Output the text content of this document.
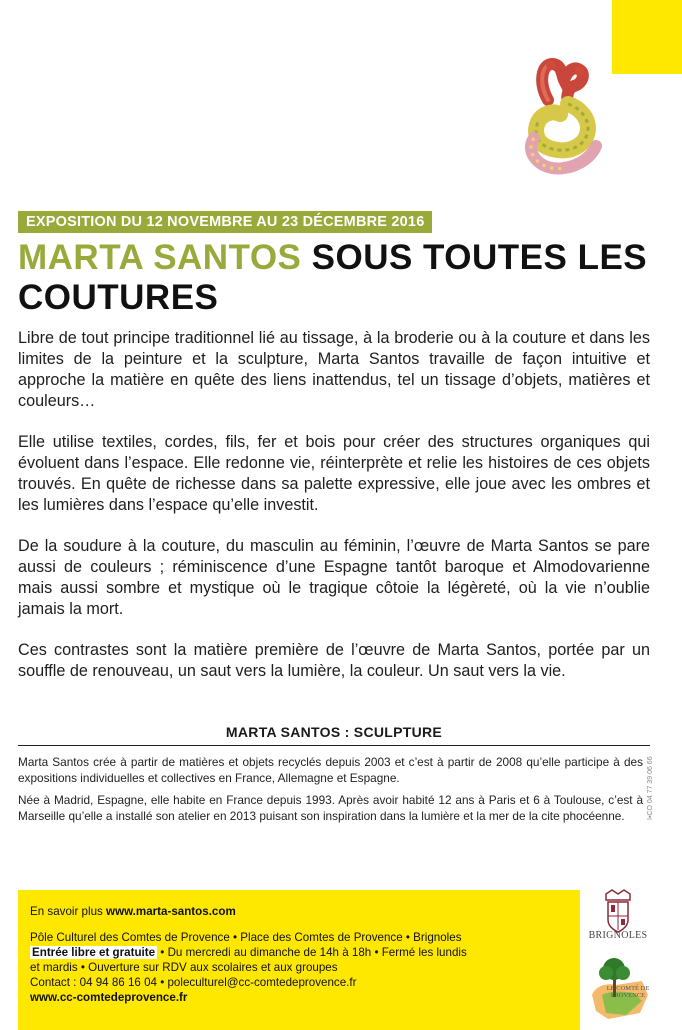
EXPOSITION DU 12 NOVEMBRE AU 23 DÉCEMBRE 2016
MARTA SANTOS SOUS TOUTES LES COUTURES

Libre de tout principe traditionnel lié au tissage, à la broderie ou à la couture et dans les limites de la peinture et la sculpture, Marta Santos travaille de façon intuitive et approche la matière en quête des liens inattendus, tel un tissage d’objets, matières et couleurs…

Elle utilise textiles, cordes, fils, fer et bois pour créer des structures organiques qui évoluent dans l’espace. Elle redonne vie, réinterprète et relie les histoires de ces objets trouvés. En quête de richesse dans sa palette expressive, elle joue avec les ombres et les lumières dans l’espace qu’elle investit.

De la soudure à la couture, du masculin au féminin, l’œuvre de Marta Santos se pare aussi de couleurs ; réminiscence d’une Espagne tantôt baroque et Almodovarienne mais aussi sombre et mystique où le tragique côtoie la légèreté, où la vie n’oublie jamais la mort.

Ces contrastes sont la matière première de l’œuvre de Marta Santos, portée par un souffle de renouveau, un saut vers la lumière, la couleur. Un saut vers la vie.

MARTA SANTOS : SCULPTURE

Marta Santos crée à partir de matières et objets recyclés depuis 2003 et c’est à partir de 2008 qu’elle participe à des expositions individuelles et collectives en France, Allemagne et Espagne.

Née à Madrid, Espagne, elle habite en France depuis 1993. Après avoir habité 12 ans à Paris et 6 à Toulouse, c’est à Marseille qu’elle a installé son atelier en 2013 puisant son inspiration dans la lumière et la mer de la cite phocéenne.	I▪CO 04 77 39 06 66
En savoir plus www.marta-santos.com
Pôle Culturel des Comtes de Provence • Place des Comtes de Provence • Brignoles
Entrée libre et gratuite • Du mercredi au dimanche de 14h à 18h • Fermé les lundis
et mardis • Ouverture sur RDV aux scolaires et aux groupes
Contact : 04 94 86 16 04 • poleculturel@cc-comtedeprovence.fr
www.cc-comtedeprovence.fr
BRIGNOLES
LE COMTÉ DE
PROVENCE
